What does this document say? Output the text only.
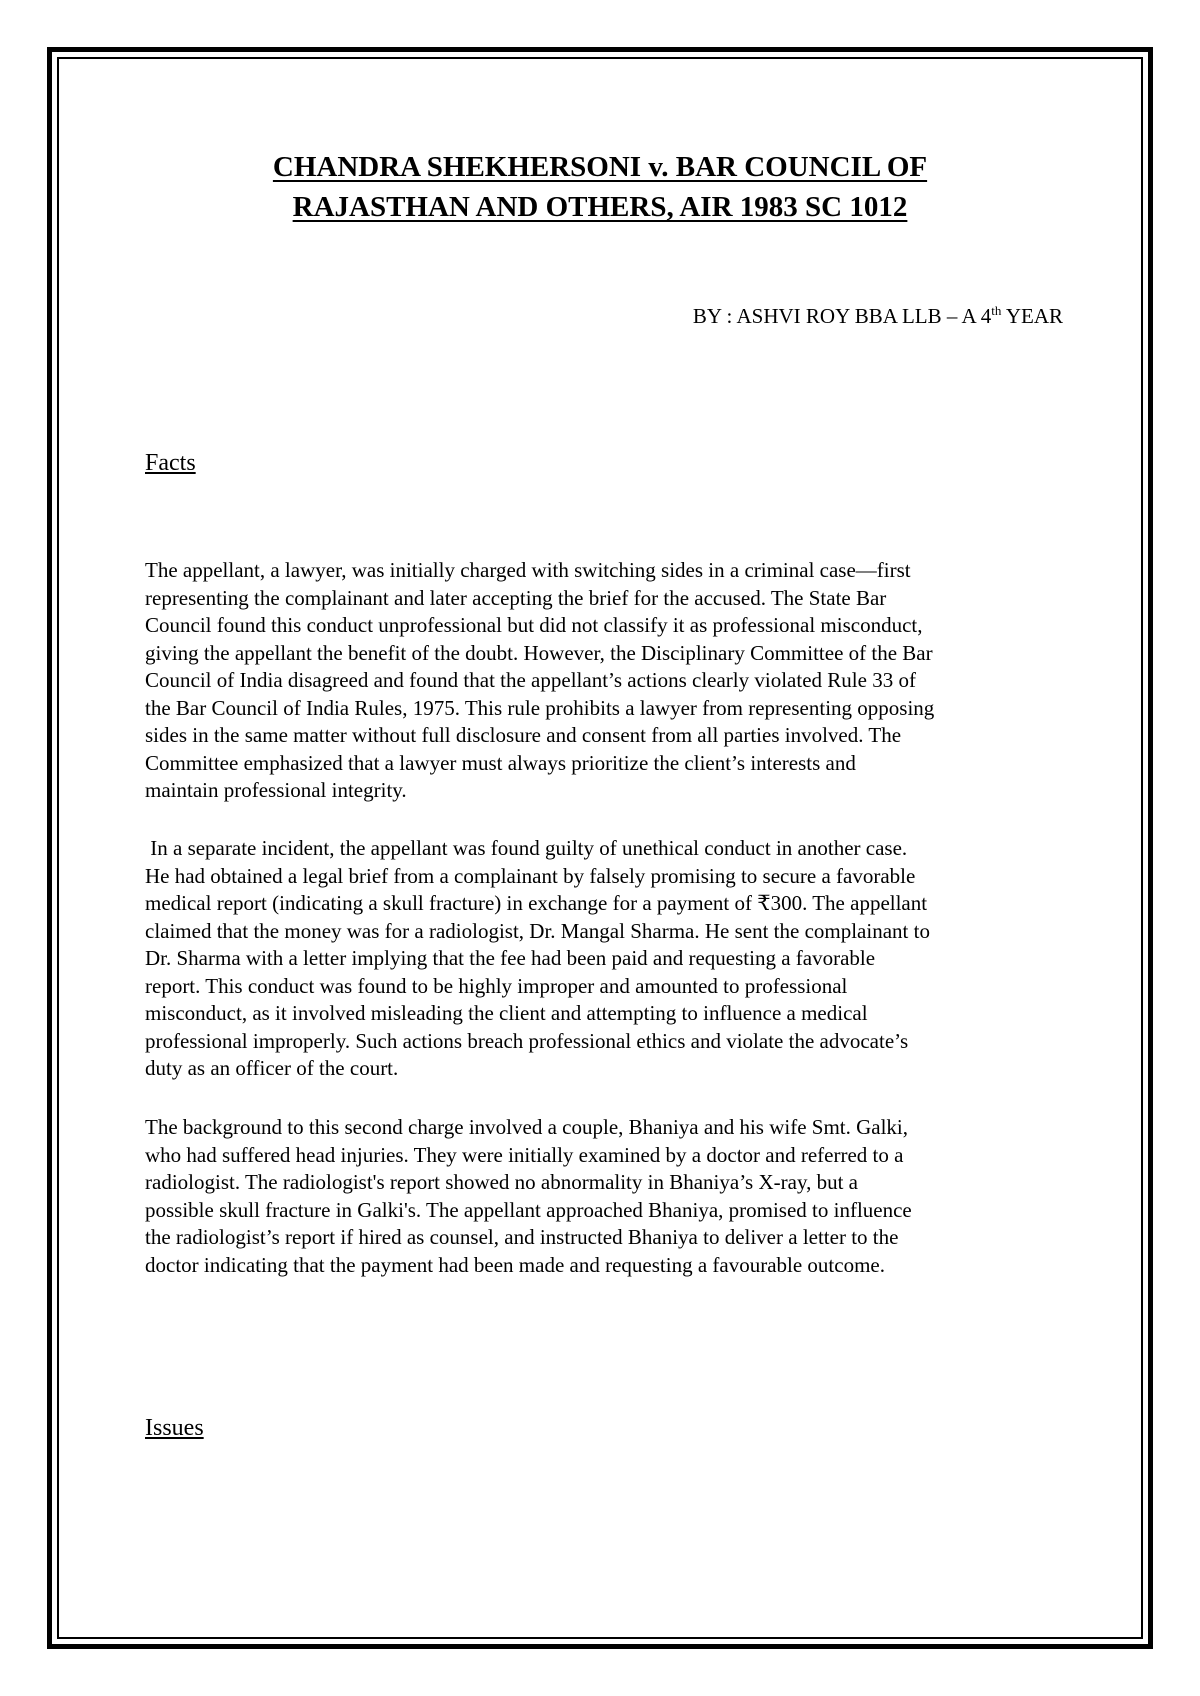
CHANDRA SHEKHERSONI v. BAR COUNCIL OF
RAJASTHAN AND OTHERS, AIR 1983 SC 1012

BY : ASHVI ROY BBA LLB – A 4th YEAR

Facts
The appellant, a lawyer, was initially charged with switching sides in a criminal case—first
representing the complainant and later accepting the brief for the accused. The State Bar
Council found this conduct unprofessional but did not classify it as professional misconduct,
giving the appellant the benefit of the doubt. However, the Disciplinary Committee of the Bar
Council of India disagreed and found that the appellant’s actions clearly violated Rule 33 of
the Bar Council of India Rules, 1975. This rule prohibits a lawyer from representing opposing
sides in the same matter without full disclosure and consent from all parties involved. The
Committee emphasized that a lawyer must always prioritize the client’s interests and
maintain professional integrity.
In a separate incident, the appellant was found guilty of unethical conduct in another case.
He had obtained a legal brief from a complainant by falsely promising to secure a favorable
medical report (indicating a skull fracture) in exchange for a payment of ₹300. The appellant
claimed that the money was for a radiologist, Dr. Mangal Sharma. He sent the complainant to
Dr. Sharma with a letter implying that the fee had been paid and requesting a favorable
report. This conduct was found to be highly improper and amounted to professional
misconduct, as it involved misleading the client and attempting to influence a medical
professional improperly. Such actions breach professional ethics and violate the advocate’s
duty as an officer of the court.
The background to this second charge involved a couple, Bhaniya and his wife Smt. Galki,
who had suffered head injuries. They were initially examined by a doctor and referred to a
radiologist. The radiologist's report showed no abnormality in Bhaniya’s X-ray, but a
possible skull fracture in Galki's. The appellant approached Bhaniya, promised to influence
the radiologist’s report if hired as counsel, and instructed Bhaniya to deliver a letter to the
doctor indicating that the payment had been made and requesting a favourable outcome.
Issues
